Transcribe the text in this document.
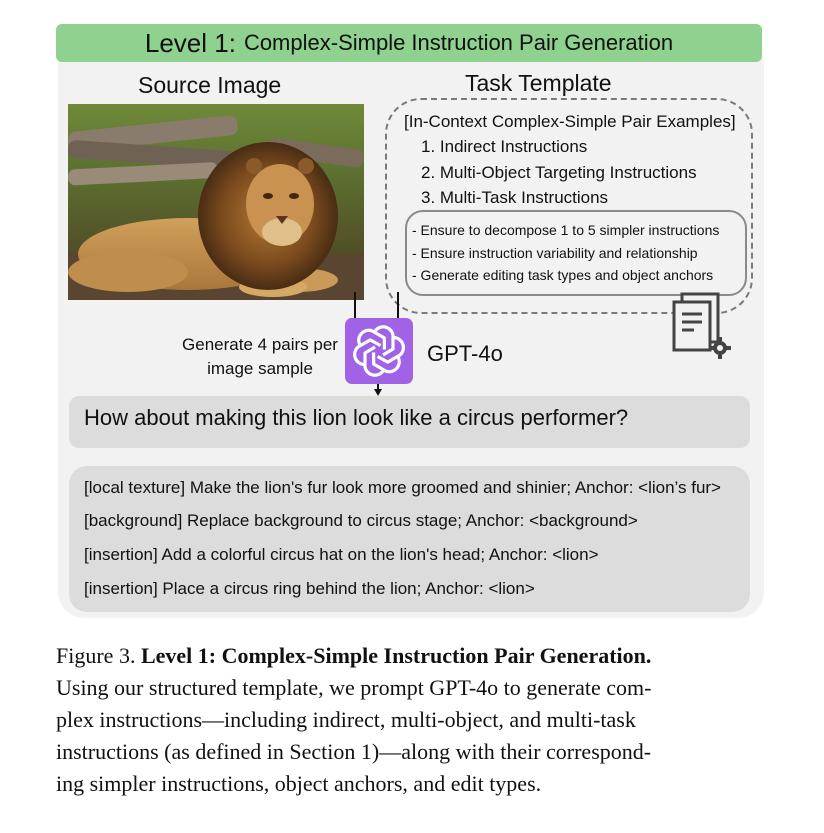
Level 1: Complex-Simple Instruction Pair Generation
Source Image	Task Template
[In-Context Complex-Simple Pair Examples]
1. Indirect Instructions
2. Multi-Object Targeting Instructions
3. Multi-Task Instructions
- Ensure to decompose 1 to 5 simpler instructions
- Ensure instruction variability and relationship
- Generate editing task types and object anchors
GPT-4o
Generate 4 pairs per
image sample
How about making this lion look like a circus performer?
[local texture] Make the lion's fur look more groomed and shinier; Anchor: <lion’s fur>
[background] Replace background to circus stage; Anchor: <background>
[insertion] Add a colorful circus hat on the lion's head; Anchor: <lion>
[insertion] Place a circus ring behind the lion; Anchor: <lion>
Figure 3. Level 1: Complex-Simple Instruction Pair Generation.
Using our structured template, we prompt GPT-4o to generate com-
plex instructions—including indirect, multi-object, and multi-task
instructions (as defined in Section 1)—along with their correspond-
ing simpler instructions, object anchors, and edit types.
